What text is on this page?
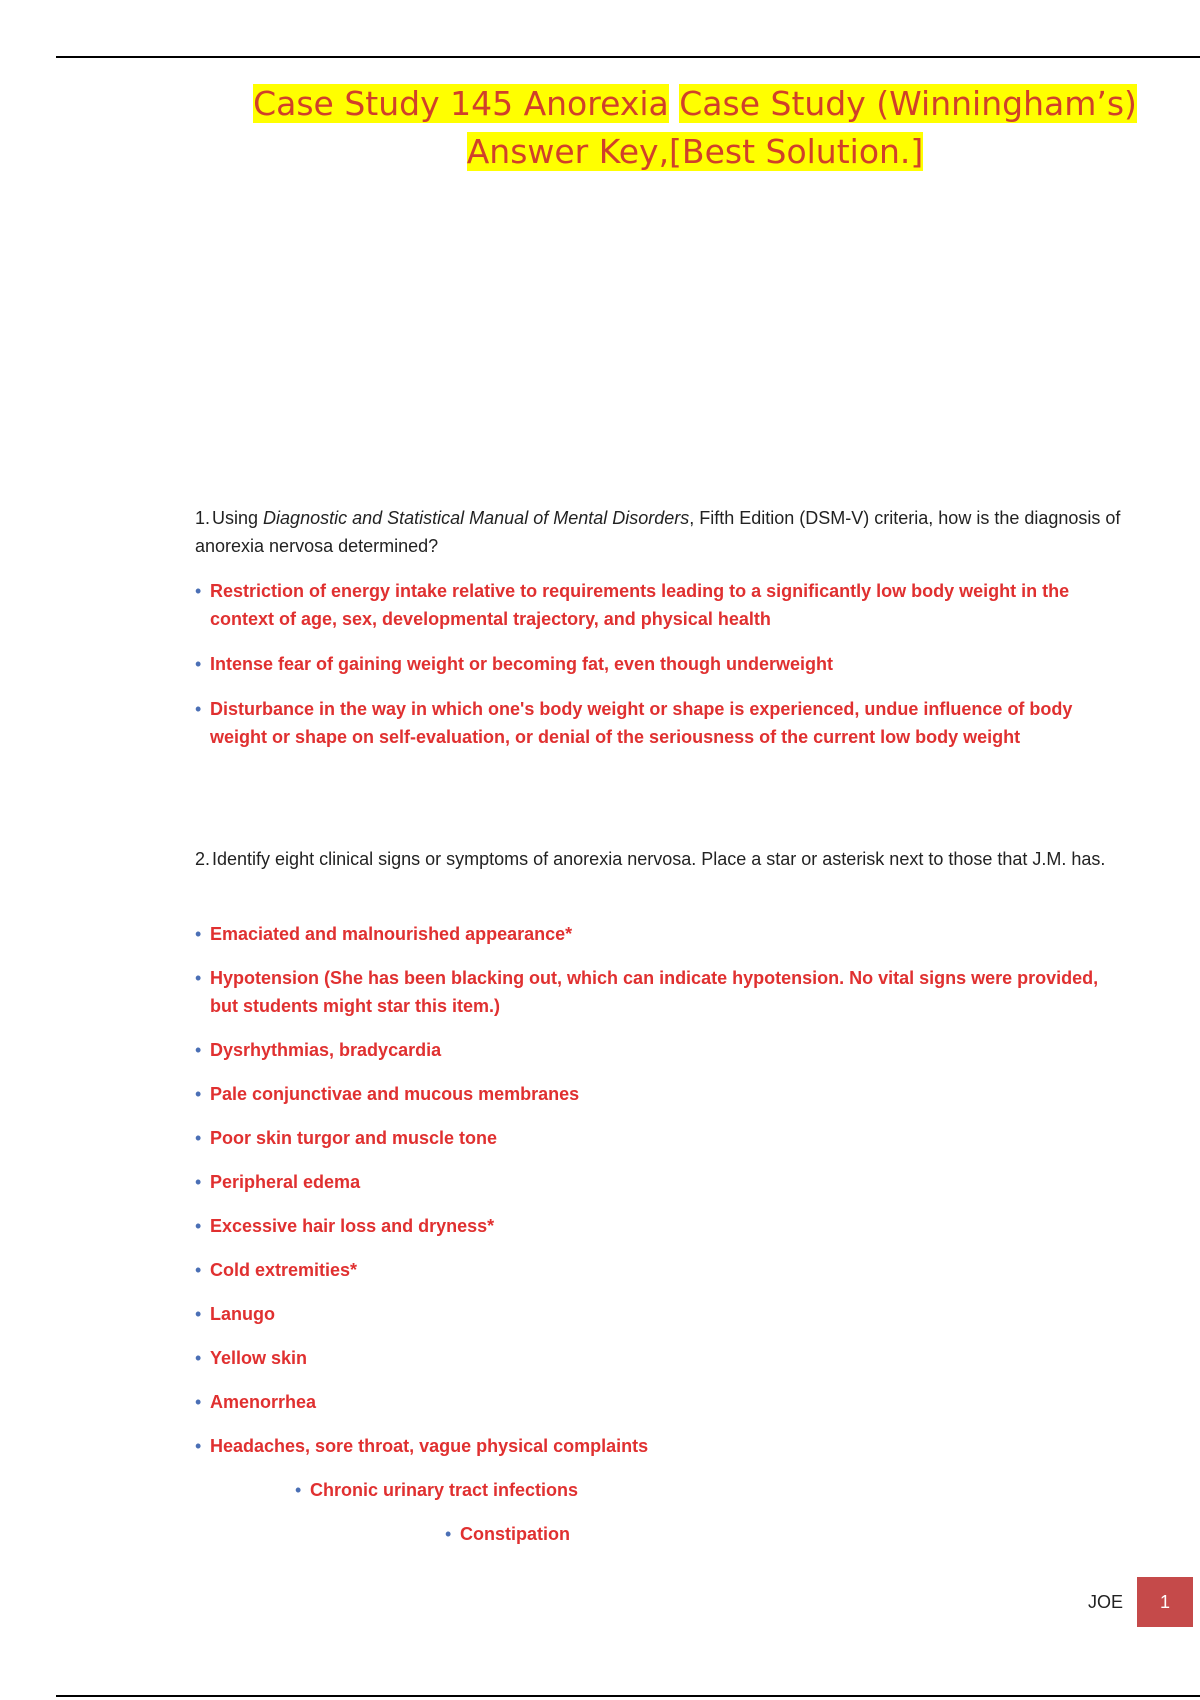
Case Study 145 Anorexia Case Study (Winningham’s)
Answer Key,[Best Solution.]
1. Using Diagnostic and Statistical Manual of Mental Disorders, Fifth Edition (DSM-V) criteria, how is the diagnosis of anorexia nervosa determined?
• Restriction of energy intake relative to requirements leading to a significantly low body weight in the context of age, sex, developmental trajectory, and physical health
• Intense fear of gaining weight or becoming fat, even though underweight
• Disturbance in the way in which one's body weight or shape is experienced, undue influence of body weight or shape on self-evaluation, or denial of the seriousness of the current low body weight
2. Identify eight clinical signs or symptoms of anorexia nervosa. Place a star or asterisk next to those that J.M. has.
• Emaciated and malnourished appearance*
• Hypotension (She has been blacking out, which can indicate hypotension. No vital signs were provided, but students might star this item.)
• Dysrhythmias, bradycardia
• Pale conjunctivae and mucous membranes
• Poor skin turgor and muscle tone
• Peripheral edema
• Excessive hair loss and dryness*
• Cold extremities*
• Lanugo
• Yellow skin
• Amenorrhea
• Headaches, sore throat, vague physical complaints
• Chronic urinary tract infections
• Constipation
JOE	1
